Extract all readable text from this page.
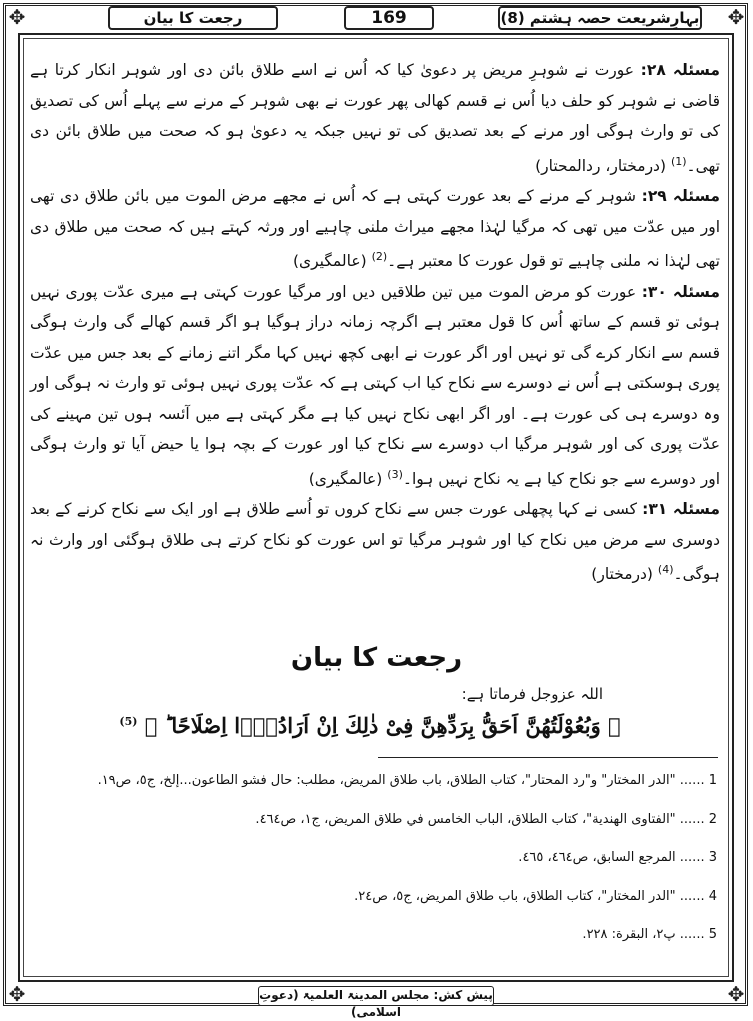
✥	✥
✥	✥
رجعت کا بیان	169	بہارِشریعت حصہ ہشتم (8)

مسئلہ ۲۸: عورت نے شوہرِ مریض پر دعویٰ کیا کہ اُس نے اسے طلاق بائن دی اور شوہر انکار کرتا ہے قاضی نے شوہر کو حلف دیا اُس نے قسم کھالی پھر عورت نے بھی شوہر کے مرنے سے پہلے اُس کی تصدیق کی تو وارث ہوگی اور مرنے کے بعد تصدیق کی تو نہیں جبکہ یہ دعویٰ ہو کہ صحت میں طلاق بائن دی تھی۔$^{(1)}$ (درمختار، ردالمحتار)

مسئلہ ۲۹: شوہر کے مرنے کے بعد عورت کہتی ہے کہ اُس نے مجھے مرض الموت میں بائن طلاق دی تھی اور میں عدّت میں تھی کہ مرگیا لہٰذا مجھے میراث ملنی چاہیے اور ورثہ کہتے ہیں کہ صحت میں طلاق دی تھی لہٰذا نہ ملنی چاہیے تو قول عورت کا معتبر ہے۔$^{(2)}$ (عالمگیری)

مسئلہ ۳۰: عورت کو مرض الموت میں تین طلاقیں دیں اور مرگیا عورت کہتی ہے میری عدّت پوری نہیں ہوئی تو قسم کے ساتھ اُس کا قول معتبر ہے اگرچہ زمانہ دراز ہوگیا ہو اگر قسم کھالے گی وارث ہوگی قسم سے انکار کرے گی تو نہیں اور اگر عورت نے ابھی کچھ نہیں کہا مگر اتنے زمانے کے بعد جس میں عدّت پوری ہوسکتی ہے اُس نے دوسرے سے نکاح کیا اب کہتی ہے کہ عدّت پوری نہیں ہوئی تو وارث نہ ہوگی اور وہ دوسرے ہی کی عورت ہے۔ اور اگر ابھی نکاح نہیں کیا ہے مگر کہتی ہے میں آئسہ ہوں تین مہینے کی عدّت پوری کی اور شوہر مرگیا اب دوسرے سے نکاح کیا اور عورت کے بچہ ہوا یا حیض آیا تو وارث ہوگی اور دوسرے سے جو نکاح کیا ہے یہ نکاح نہیں ہوا۔$^{(3)}$ (عالمگیری)

مسئلہ ۳۱: کسی نے کہا پچھلی عورت جس سے نکاح کروں تو اُسے طلاق ہے اور ایک سے نکاح کرنے کے بعد دوسری سے مرض میں نکاح کیا اور شوہر مرگیا تو اس عورت کو نکاح کرتے ہی طلاق ہوگئی اور وارث نہ ہوگی۔$^{(4)}$ (درمختار)

رجعت کا بیان
اللہ عزوجل فرماتا ہے:
﴿ وَبُعُوْلَتُهُنَّ اَحَقُّ بِرَدِّهِنَّ فِیْ ذٰلِكَ اِنْ اَرَادُوْۤا اِصْلَاحًا ؕ ﴾ $^{(5)}$
1 ...... "الدر المختار" و"رد المحتار"، كتاب الطلاق، باب طلاق المريض، مطلب: حال فشو الطاعون...إلخ، ج٥، ص١٩.
2 ...... "الفتاوى الهندية"، كتاب الطلاق، الباب الخامس في طلاق المريض، ج١، ص٤٦٤.
3 ...... المرجع السابق، ص٤٦٤، ٤٦٥.
4 ...... "الدر المختار"، كتاب الطلاق، باب طلاق المريض، ج٥، ص٢٤.
5 ...... پ٢، البقرة: ٢٢٨.
پیش کش: مجلس المدینۃ العلمیۃ (دعوتِ اسلامی)
